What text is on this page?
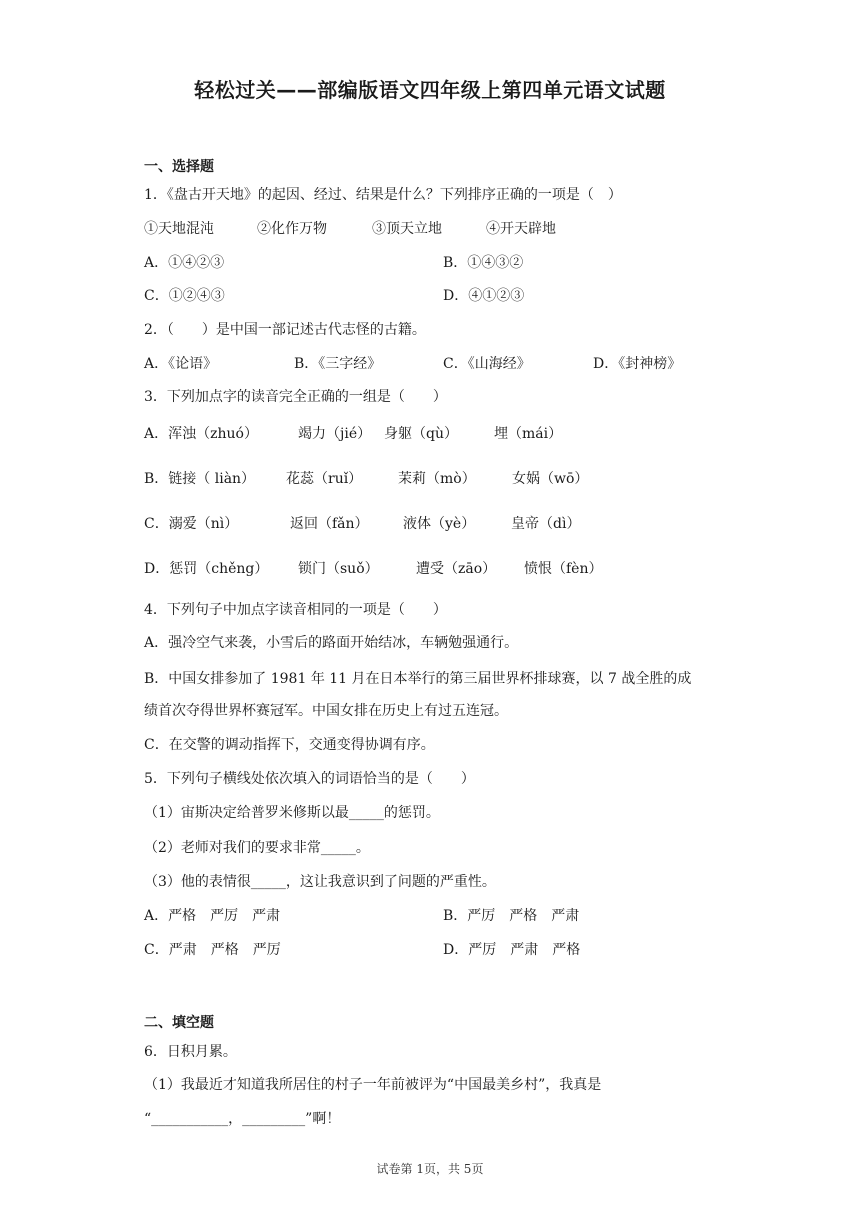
轻松过关——部编版语文四年级上第四单元语文试题
一、选择题
1．《盘古开天地》的起因、经过、结果是什么？下列排序正确的一项是（　）
①天地混沌	②化作万物	③顶天立地	④开天辟地
A．①④②③	B．①④③②
C．①②④③	D．④①②③
2．（　　）是中国一部记述古代志怪的古籍。
A．《论语》	B．《三字经》	C．《山海经》	D．《封神榜》
3．下列加点字的读音完全正确的一组是（　　）
A．浑浊（zhuó）	竭力（jié） 身躯（qù）	埋（mái）
B．链接（ liàn） 花蕊（ruǐ）	茉莉（mò）	女娲（wō）
C．溺爱（nì）	返回（fǎn） 液体（yè）	皇帝（dì）
D．惩罚（chěng） 锁门（suǒ）	遭受（zāo） 愤恨（fèn）
4．下列句子中加点字读音相同的一项是（　　）
A．强冷空气来袭，小雪后的路面开始结冰，车辆勉强通行。
B．中国女排参加了 1981 年 11 月在日本举行的第三届世界杯排球赛，以 7 战全胜的成
绩首次夺得世界杯赛冠军。中国女排在历史上有过五连冠。
C．在交警的调动指挥下，交通变得协调有序。
5．下列句子横线处依次填入的词语恰当的是（　　）
（1）宙斯决定给普罗米修斯以最_____的惩罚。
（2）老师对我们的要求非常_____。
（3）他的表情很_____，这让我意识到了问题的严重性。
A．严格　严厉　严肃	B．严厉　严格　严肃
C．严肃　严格　严厉	D．严厉　严肃　严格
二、填空题
6．日积月累。
（1）我最近才知道我所居住的村子一年前被评为“中国最美乡村”，我真是
“___________，_________”啊！
试卷第 1页，共 5页
